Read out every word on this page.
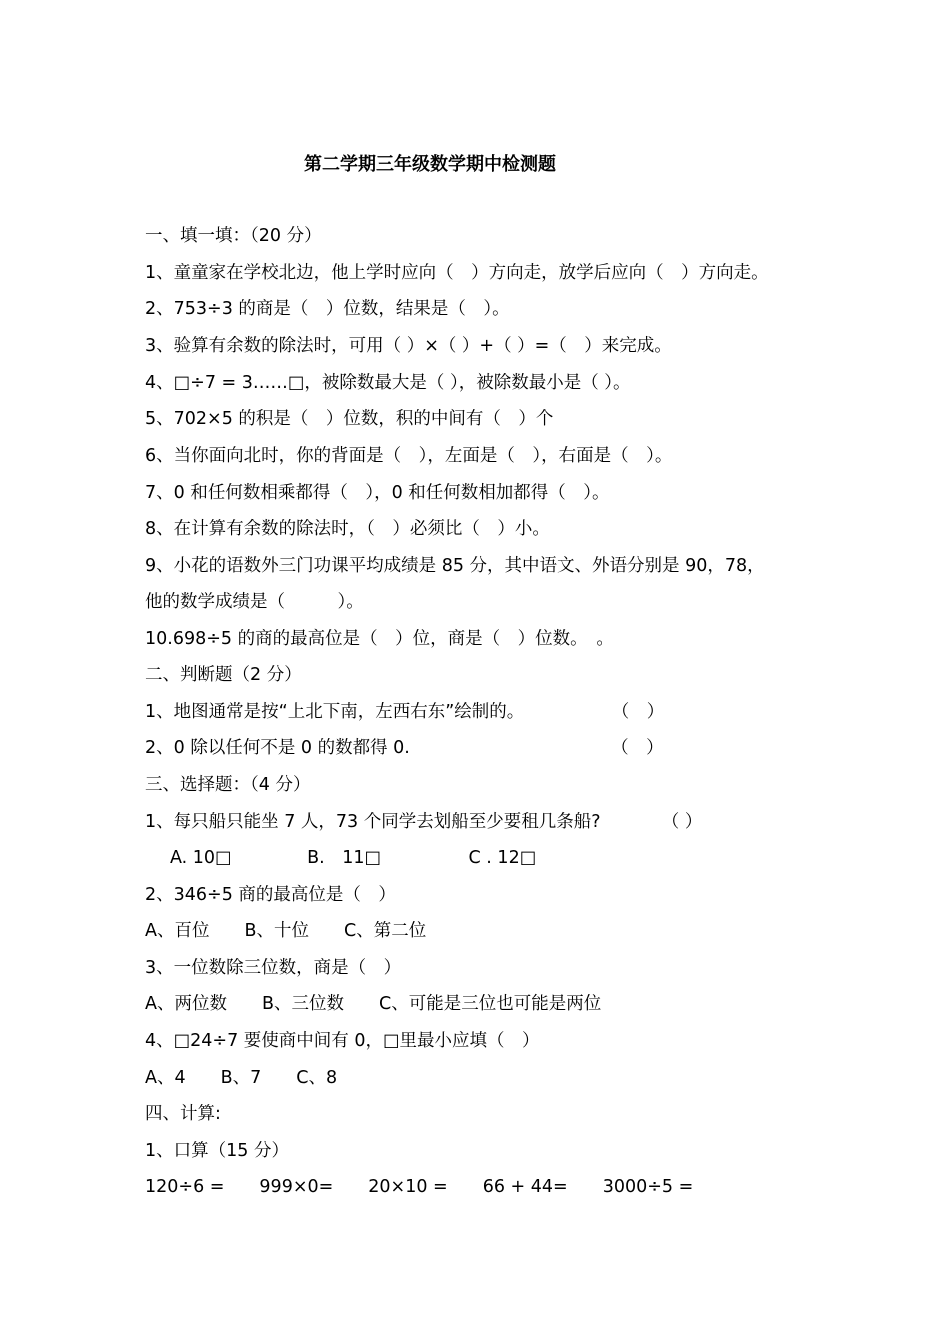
第二学期三年级数学期中检测题
一、填一填：（20 分）
1、童童家在学校北边，他上学时应向（　）方向走，放学后应向（　）方向走。
2、753÷3 的商是（　）位数，结果是（　）。
3、验算有余数的除法时，可用（ ）×（ ）+（ ）=（　）来完成。
4、□÷7 = 3……□，被除数最大是（ ），被除数最小是（ ）。
5、702×5 的积是（　）位数，积的中间有（　）个
6、当你面向北时，你的背面是（　），左面是（　），右面是（　）。
7、0 和任何数相乘都得（　），0 和任何数相加都得（　）。
8、在计算有余数的除法时，（　）必须比（　）小。
9、小花的语数外三门功课平均成绩是 85 分，其中语文、外语分别是 90，78，
他的数学成绩是（　　　）。
10.698÷5 的商的最高位是（　）位，商是（　）位数。　。
二、判断题（2 分）
1、地图通常是按“上北下南，左西右东”绘制的。　　　　　　（　）
2、0 除以任何不是 0 的数都得 0.　　　　　　　　　　　　（　）
三、选择题：（4 分）
1、每只船只能坐 7 人，73 个同学去划船至少要租几条船?　　　　（ ）
A. 10□　　　　 B.　11□　　　　　C . 12□
2、346÷5 商的最高位是（　）
A、百位　　B、十位　　C、第二位
3、一位数除三位数，商是（　）
A、两位数　　B、三位数　　C、可能是三位也可能是两位
4、□24÷7 要使商中间有 0，□里最小应填（　）
A、4　　B、7　　C、8
四、计算:
1、口算（15 分）
120÷6 =　　999×0=　　20×10 =　　66 + 44=　　3000÷5 =
